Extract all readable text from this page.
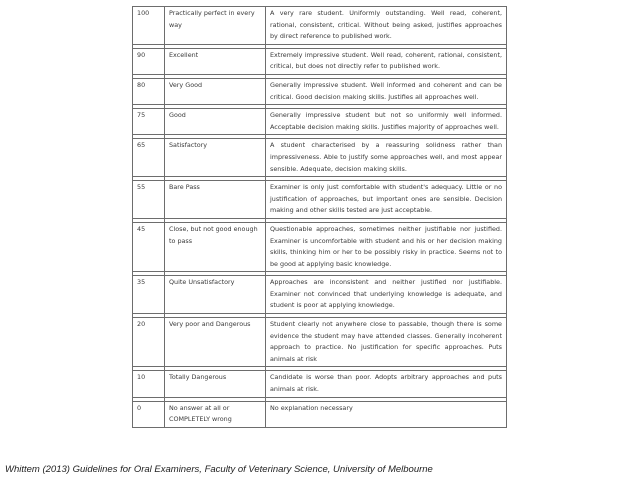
100	Practically perfect in every way	A very rare student. Uniformly outstanding. Well read, coherent, rational, consistent, critical. Without being asked, justifies approaches by direct reference to published work.

90	Excellent	Extremely impressive student. Well read, coherent, rational, consistent, critical, but does not directly refer to published work.

80	Very Good	Generally impressive student. Well informed and coherent and can be critical. Good decision making skills. Justifies all approaches well.

75	Good	Generally impressive student but not so uniformly well informed. Acceptable decision making skills. Justifies majority of approaches well.

65	Satisfactory	A student characterised by a reassuring solidness rather than impressiveness. Able to justify some approaches well, and most appear sensible. Adequate, decision making skills.

55	Bare Pass	Examiner is only just comfortable with student's adequacy. Little or no justification of approaches, but important ones are sensible. Decision making and other skills tested are just acceptable.

45	Close, but not good enough to pass	Questionable approaches, sometimes neither justifiable nor justified. Examiner is uncomfortable with student and his or her decision making skills, thinking him or her to be possibly risky in practice. Seems not to be good at applying basic knowledge.

35	Quite Unsatisfactory	Approaches are inconsistent and neither justified nor justifiable. Examiner not convinced that underlying knowledge is adequate, and student is poor at applying knowledge.

20	Very poor and Dangerous	Student clearly not anywhere close to passable, though there is some evidence the student may have attended classes. Generally incoherent approach to practice. No justification for specific approaches. Puts animals at risk

10	Totally Dangerous	Candidate is worse than poor. Adopts arbitrary approaches and puts animals at risk.

0	No answer at all or COMPLETELY wrong	No explanation necessary
Whittem (2013) Guidelines for Oral Examiners, Faculty of Veterinary Science, University of Melbourne
